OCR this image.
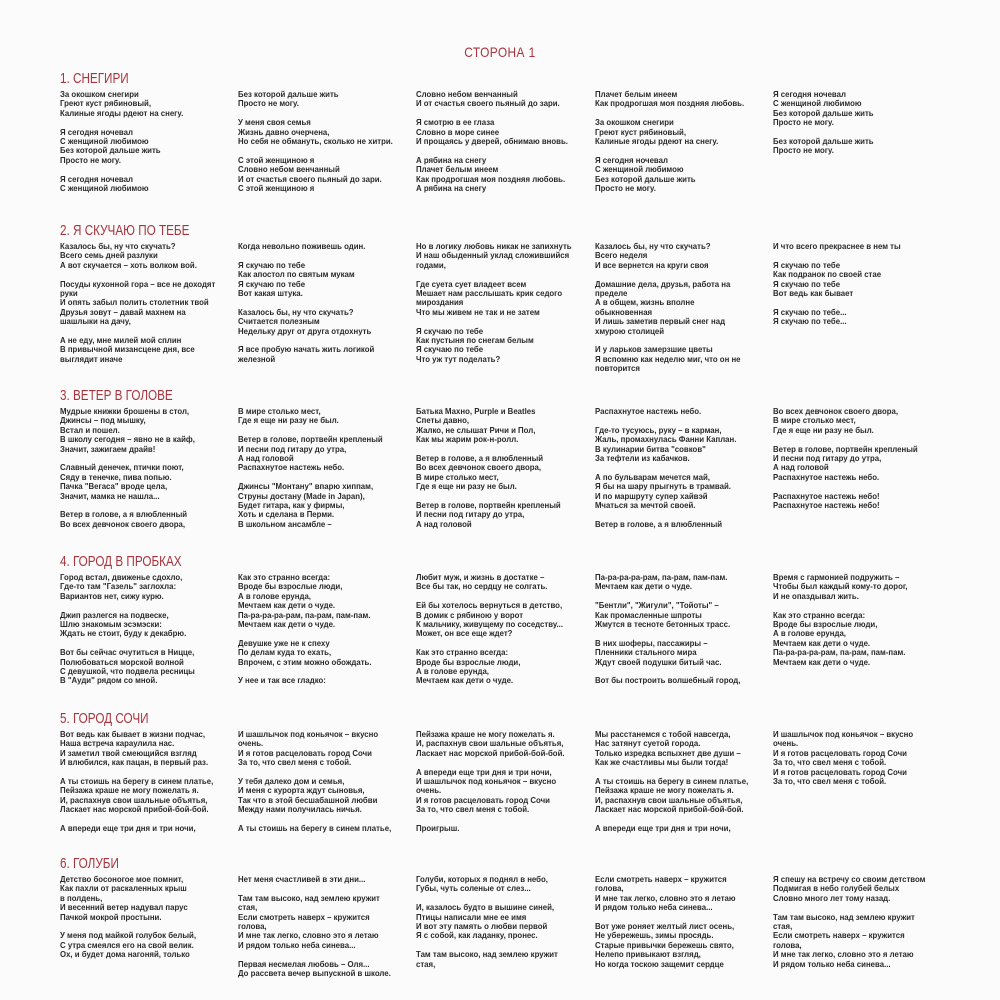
СТОРОНА 1
1. СНЕГИРИ
За окошком снегири
Греют куст рябиновый,
Калиные ягоды рдеют на снегу.

Я сегодня ночевал
С женщиной любимою
Без которой дальше жить
Просто не могу.

Я сегодня ночевал
С женщиной любимою
Без которой дальше жить
Просто не могу.

У меня своя семья
Жизнь давно очерчена,
Но себя не обмануть, сколько не хитри.

С этой женщиною я
Словно небом венчанный
И от счастья своего пьяный до зари.
С этой женщиною я
Словно небом венчанный
И от счастья своего пьяный до зари.

Я смотрю в ее глаза
Словно в море синее
И прощаясь у дверей, обнимаю вновь.

А рябина на снегу
Плачет белым инеем
Как продрогшая моя поздняя любовь.
А рябина на снегу
Плачет белым инеем
Как продрогшая моя поздняя любовь.

За окошком снегири
Греют куст рябиновый,
Калиные ягоды рдеют на снегу.

Я сегодня ночевал
С женщиной любимою
Без которой дальше жить
Просто не могу.
Я сегодня ночевал
С женщиной любимою
Без которой дальше жить
Просто не могу.

Без которой дальше жить
Просто не могу.
2. Я СКУЧАЮ ПО ТЕБЕ
Казалось бы, ну что скучать?
Всего семь дней разлуки
А вот скучается – хоть волком вой.

Посуды кухонной гора – все не доходят руки
И опять забыл полить столетник твой
Друзья зовут – давай махнем на шашлыки на дачу,

А не еду, мне милей мой сплин
В привычной мизансцене дня, все выглядит иначе
Когда невольно поживешь один.

Я скучаю по тебе
Как апостол по святым мукам
Я скучаю по тебе
Вот какая штука.

Казалось бы, ну что скучать?
Считается полезным
Недельку друг от друга отдохнуть

Я все пробую начать жить логикой железной
Но в логику любовь никак не запихнуть
И наш обыденный уклад сложившийся годами,

Где суета сует владеет всем
Мешает нам расслышать крик седого мироздания
Что мы живем не так и не затем

Я скучаю по тебе
Как пустыня по снегам белым
Я скучаю по тебе
Что уж тут поделать?
Казалось бы, ну что скучать?
Всего неделя
И все вернется на круги своя

Домашние дела, друзья, работа на пределе
А в общем, жизнь вполне обыкновенная
И лишь заметив первый снег над хмурою столицей

И у ларьков замерзшие цветы
Я вспомню как неделю миг, что он не повторится
И что всего прекраснее в нем ты

Я скучаю по тебе
Как подранок по своей стае
Я скучаю по тебе
Вот ведь как бывает

Я скучаю по тебе...
Я скучаю по тебе...
3. ВЕТЕР В ГОЛОВЕ
Мудрые книжки брошены в стол,
Джинсы – под мышку,
Встал и пошел.
В школу сегодня – явно не в кайф,
Значит, зажигаем драйв!

Славный денечек, птички поют,
Сяду в тенечке, пива попью.
Пачка "Вегаса" вроде цела,
Значит, мамка не нашла...

Ветер в голове, а я влюбленный
Во всех девчонок своего двора,
В мире столько мест,
Где я еще ни разу не был.

Ветер в голове, портвейн крепленый
И песни под гитару до утра,
А над головой
Распахнутое настежь небо.

Джинсы "Монтану" впарю хиппам,
Струны достану (Made in Japan),
Будет гитара, как у фирмы,
Хоть и сделана в Перми.
В школьном ансамбле –
Батька Махно, Purple и Beatles
Спеты давно,
Жалко, не слышат Ричи и Пол,
Как мы жарим рок-н-ролл.

Ветер в голове, а я влюбленный
Во всех девчонок своего двора,
В мире столько мест,
Где я еще ни разу не был.

Ветер в голове, портвейн крепленый
И песни под гитару до утра,
А над головой
Распахнутое настежь небо.

Где-то тусуюсь, руку – в карман,
Жаль, промахнулась Фанни Каплан.
В кулинарии битва "совков"
За тефтели из кабачков.

А по бульварам мечется май,
Я бы на шару прыгнуть в трамвай.
И по маршруту супер хайвэй
Мчаться за мечтой своей.

Ветер в голове, а я влюбленный
Во всех девчонок своего двора,
В мире столько мест,
Где я еще ни разу не был.

Ветер в голове, портвейн крепленый
И песни под гитару до утра,
А над головой
Распахнутое настежь небо.

Распахнутое настежь небо!
Распахнутое настежь небо!
4. ГОРОД В ПРОБКАХ
Город встал, движенье сдохло,
Где-то там "Газель" заглохла:
Вариантов нет, сижу курю.

Джип разлегся на подвеске,
Шлю знакомым эсэмэски:
Ждать не стоит, буду к декабрю.

Вот бы сейчас очутиться в Ницце,
Полюбоваться морской волной
С девушкой, что подвела ресницы
В "Ауди" рядом со мной.
Как это странно всегда:
Вроде бы взрослые люди,
А в голове ерунда,
Мечтаем как дети о чуде.
Па-ра-ра-ра-рам, па-рам, пам-пам.
Мечтаем как дети о чуде.

Девушке уже не к спеху
По делам куда то ехать,
Впрочем, с этим можно обождать.

У нее и так все гладко:
Любит муж, и жизнь в достатке –
Все бы так, но сердцу не солгать.

Ей бы хотелось вернуться в детство,
В домик с рябиною у ворот
К мальчику, живущему по соседству...
Может, он все еще ждет?

Как это странно всегда:
Вроде бы взрослые люди,
А в голове ерунда,
Мечтаем как дети о чуде.
Па-ра-ра-ра-рам, па-рам, пам-пам.
Мечтаем как дети о чуде.

"Бентли", "Жигули", "Тойоты" –
Как промасленные шпроты
Жмутся в тесноте бетонных трасс.

В них шоферы, пассажиры –
Пленники стального мира
Ждут своей подушки битый час.

Вот бы построить волшебный город,
Время с гармонией подружить –
Чтобы был каждый кому-то дорог,
И не опаздывал жить.

Как это странно всегда:
Вроде бы взрослые люди,
А в голове ерунда,
Мечтаем как дети о чуде.
Па-ра-ра-ра-рам, па-рам, пам-пам.
Мечтаем как дети о чуде.
5. ГОРОД СОЧИ
Вот ведь как бывает в жизни подчас,
Наша встреча караулила нас.
И заметил твой смеющийся взгляд
И влюбился, как пацан, в первый раз.

А ты стоишь на берегу в синем платье,
Пейзажа краше не могу пожелать я.
И, распахнув свои шальные объятья,
Ласкает нас морской прибой-бой-бой.

А впереди еще три дня и три ночи,
И шашлычок под коньячок – вкусно очень.
И я готов расцеловать город Сочи
За то, что свел меня с тобой.

У тебя далеко дом и семья,
И меня с курорта ждут сыновья,
Так что в этой бесшабашной любви
Между нами получилась ничья.

А ты стоишь на берегу в синем платье,
Пейзажа краше не могу пожелать я.
И, распахнув свои шальные объятья,
Ласкает нас морской прибой-бой-бой.

А впереди еще три дня и три ночи,
И шашлычок под коньячок – вкусно очень.
И я готов расцеловать город Сочи
За то, что свел меня с тобой.

Проигрыш.
Мы расстанемся с тобой навсегда,
Нас затянут суетой города.
Только изредка вспыхнет две души –
Как же счастливы мы были тогда!

А ты стоишь на берегу в синем платье,
Пейзажа краше не могу пожелать я.
И, распахнув свои шальные объятья,
Ласкает нас морской прибой-бой-бой.

А впереди еще три дня и три ночи,
И шашлычок под коньячок – вкусно очень.
И я готов расцеловать город Сочи
За то, что свел меня с тобой.
И я готов расцеловать город Сочи
За то, что свел меня с тобой.
6. ГОЛУБИ
Детство босоногое мое помнит,
Как пахли от раскаленных крыш
в полдень,
И весенний ветер надувал парус
Пачкой мокрой простыни.

У меня под майкой голубок белый,
С утра смеялся его на свой велик.
Ох, и будет дома нагоняй, только
Нет меня счастливей в эти дни...

Там там высоко, над землею кружит стая,
Если смотреть наверх – кружится голова,
И мне так легко, словно это я летаю
И рядом только неба синева...

Первая несмелая любовь – Оля...
До рассвета вечер выпускной в школе.
Голуби, которых я поднял в небо,
Губы, чуть соленые от слез...

И, казалось будто в вышине синей,
Птицы написали мне ее имя
И вот эту память о любви первой
Я с собой, как ладанку, пронес.

Там там высоко, над землею кружит стая,
Если смотреть наверх – кружится голова,
И мне так легко, словно это я летаю
И рядом только неба синева...

Вот уже роняет желтый лист осень,
Не убережешь, зимы просядь.
Старые привычки бережешь свято,
Нелепо привыкают взгляд,
Но когда тоскою защемит сердце
Я спешу на встречу со своим детством
Подмигая в небо голубей белых
Словно много лет тому назад.

Там там высоко, над землею кружит стая,
Если смотреть наверх – кружится голова,
И мне так легко, словно это я летаю
И рядом только неба синева...
